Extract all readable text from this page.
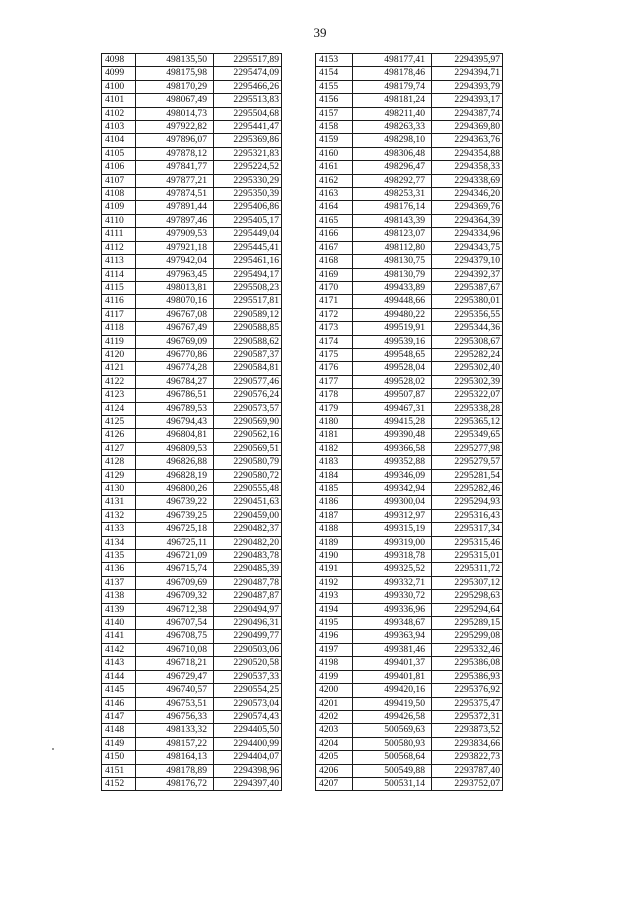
39
4098	498135,50	2295517,89
4099	498175,98	2295474,09
4100	498170,29	2295466,26
4101	498067,49	2295513,83
4102	498014,73	2295504,68
4103	497922,82	2295441,47
4104	497896,07	2295369,86
4105	497878,12	2295321,83
4106	497841,77	2295224,52
4107	497877,21	2295330,29
4108	497874,51	2295350,39
4109	497891,44	2295406,86
4110	497897,46	2295405,17
4111	497909,53	2295449,04
4112	497921,18	2295445,41
4113	497942,04	2295461,16
4114	497963,45	2295494,17
4115	498013,81	2295508,23
4116	498070,16	2295517,81
4117	496767,08	2290589,12
4118	496767,49	2290588,85
4119	496769,09	2290588,62
4120	496770,86	2290587,37
4121	496774,28	2290584,81
4122	496784,27	2290577,46
4123	496786,51	2290576,24
4124	496789,53	2290573,57
4125	496794,43	2290569,90
4126	496804,81	2290562,16
4127	496809,53	2290569,51
4128	496826,88	2290580,79
4129	496828,19	2290580,72
4130	496800,26	2290555,48
4131	496739,22	2290451,63
4132	496739,25	2290459,00
4133	496725,18	2290482,37
4134	496725,11	2290482,20
4135	496721,09	2290483,78
4136	496715,74	2290485,39
4137	496709,69	2290487,78
4138	496709,32	2290487,87
4139	496712,38	2290494,97
4140	496707,54	2290496,31
4141	496708,75	2290499,77
4142	496710,08	2290503,06
4143	496718,21	2290520,58
4144	496729,47	2290537,33
4145	496740,57	2290554,25
4146	496753,51	2290573,04
4147	496756,33	2290574,43
4148	498133,32	2294405,50
4149	498157,22	2294400,99
4150	498164,13	2294404,07
4151	498178,89	2294398,96
4152	498176,72	2294397,40
4153	498177,41	2294395,97
4154	498178,46	2294394,71
4155	498179,74	2294393,79
4156	498181,24	2294393,17
4157	498211,40	2294387,74
4158	498263,33	2294369,80
4159	498298,10	2294363,76
4160	498306,48	2294354,88
4161	498296,47	2294358,33
4162	498292,77	2294338,69
4163	498253,31	2294346,20
4164	498176,14	2294369,76
4165	498143,39	2294364,39
4166	498123,07	2294334,96
4167	498112,80	2294343,75
4168	498130,75	2294379,10
4169	498130,79	2294392,37
4170	499433,89	2295387,67
4171	499448,66	2295380,01
4172	499480,22	2295356,55
4173	499519,91	2295344,36
4174	499539,16	2295308,67
4175	499548,65	2295282,24
4176	499528,04	2295302,40
4177	499528,02	2295302,39
4178	499507,87	2295322,07
4179	499467,31	2295338,28
4180	499415,28	2295365,12
4181	499390,48	2295349,65
4182	499366,58	2295277,98
4183	499352,88	2295279,57
4184	499346,09	2295281,54
4185	499342,94	2295282,46
4186	499300,04	2295294,93
4187	499312,97	2295316,43
4188	499315,19	2295317,34
4189	499319,00	2295315,46
4190	499318,78	2295315,01
4191	499325,52	2295311,72
4192	499332,71	2295307,12
4193	499330,72	2295298,63
4194	499336,96	2295294,64
4195	499348,67	2295289,15
4196	499363,94	2295299,08
4197	499381,46	2295332,46
4198	499401,37	2295386,08
4199	499401,81	2295386,93
4200	499420,16	2295376,92
4201	499419,50	2295375,47
4202	499426,58	2295372,31
4203	500569,63	2293873,52
4204	500580,93	2293834,66
4205	500568,64	2293822,73
4206	500549,88	2293787,40
4207	500531,14	2293752,07
